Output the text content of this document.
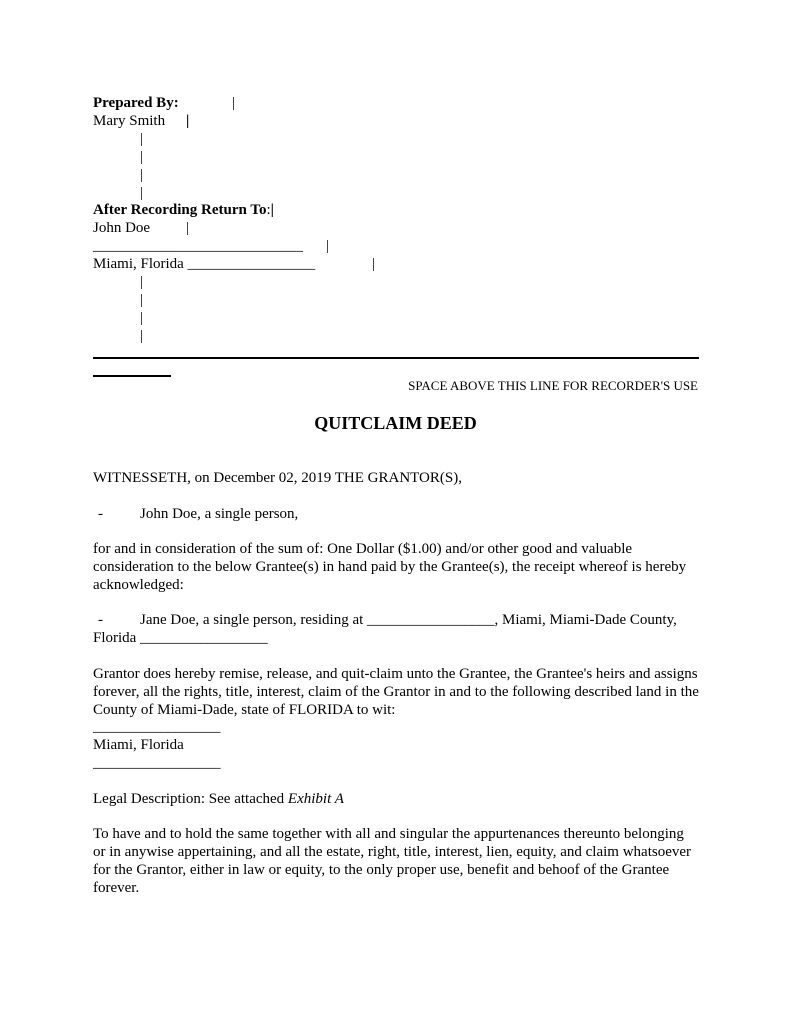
Prepared By:	|
Mary Smith |
|
|
|
|
After Recording Return To:|
John Doe |
____________________________ |
Miami, Florida _________________	|
|
|
|
|
SPACE ABOVE THIS LINE FOR RECORDER'S USE
QUITCLAIM DEED
WITNESSETH, on December 02, 2019 THE GRANTOR(S),
- John Doe, a single person,
for and in consideration of the sum of: One Dollar ($1.00) and/or other good and valuable consideration to the below Grantee(s) in hand paid by the Grantee(s), the receipt whereof is hereby acknowledged:
- Jane Doe, a single person, residing at _________________, Miami, Miami-Dade County,
Florida _________________
Grantor does hereby remise, release, and quit-claim unto the Grantee, the Grantee's heirs and assigns forever, all the rights, title, interest, claim of the Grantor in and to the following described land in the County of Miami-Dade, state of FLORIDA to wit:
_________________
Miami, Florida
_________________
Legal Description: See attached Exhibit A
To have and to hold the same together with all and singular the appurtenances thereunto belonging or in anywise appertaining, and all the estate, right, title, interest, lien, equity, and claim whatsoever for the Grantor, either in law or equity, to the only proper use, benefit and behoof of the Grantee forever.
